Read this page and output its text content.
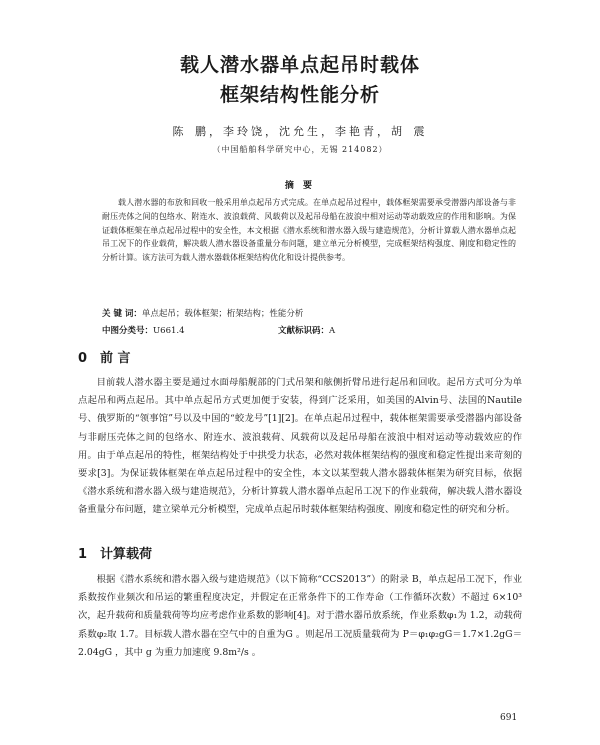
载人潜水器单点起吊时载体
框架结构性能分析
陈 鹏，李玲饶，沈允生，李艳青，胡 震
（中国船舶科学研究中心，无锡 214082）
摘 要

载人潜水器的布放和回收一般采用单点起吊方式完成。在单点起吊过程中，载体框架需要承受潜器内部设备与非耐压壳体之间的包络水、附连水、波浪载荷、风载荷以及起吊母船在波浪中相对运动等动载效应的作用和影响。为保证载体框架在单点起吊过程中的安全性，本文根据《潜水系统和潜水器入级与建造规范》，分析计算载人潜水器单点起吊工况下的作业载荷，解决载人潜水器设备重量分布问题，建立单元分析模型，完成框架结构强度、刚度和稳定性的分析计算。该方法可为载人潜水器载体框架结构优化和设计提供参考。

关 键 词：单点起吊；载体框架；桁架结构；性能分析
中图分类号：U661.4	文献标识码：A
0 前 言

目前载人潜水器主要是通过水面母船舰部的门式吊架和舷侧折臂吊进行起吊和回收。起吊方式可分为单点起吊和两点起吊。其中单点起吊方式更加便于安装，得到广泛采用，如美国的Alvin号、法国的Nautile号、俄罗斯的“领事馆”号以及中国的“蛟龙号”[1][2]。在单点起吊过程中，载体框架需要承受潜器内部设备与非耐压壳体之间的包络水、附连水、波浪载荷、风载荷以及起吊母船在波浪中相对运动等动载效应的作用。由于单点起吊的特性，框架结构处于中拱受力状态，必然对载体框架结构的强度和稳定性提出来苛刻的要求[3]。为保证载体框架在单点起吊过程中的安全性，本文以某型载人潜水器载体框架为研究目标，依据《潜水系统和潜水器入级与建造规范》，分析计算载人潜水器单点起吊工况下的作业载荷，解决载人潜水器设备重量分布问题，建立梁单元分析模型，完成单点起吊时载体框架结构强度、刚度和稳定性的研究和分析。

1 计算载荷

根据《潜水系统和潜水器入级与建造规范》（以下简称“CCS2013”）的附录 B，单点起吊工况下，作业系数按作业频次和吊运的繁重程度决定，并假定在正常条件下的工作寿命（工作循环次数）不超过 6×10³ 次，起升载荷和质量载荷等均应考虑作业系数的影响[4]。对于潜水器吊放系统，作业系数φ₁为 1.2，动载荷系数φ₂取 1.7。目标载人潜水器在空气中的自重为G 。则起吊工况质量载荷为 P＝φ₁φ₂gG＝1.7×1.2gG＝2.04gG ，其中 g 为重力加速度 9.8m²/s 。

691
